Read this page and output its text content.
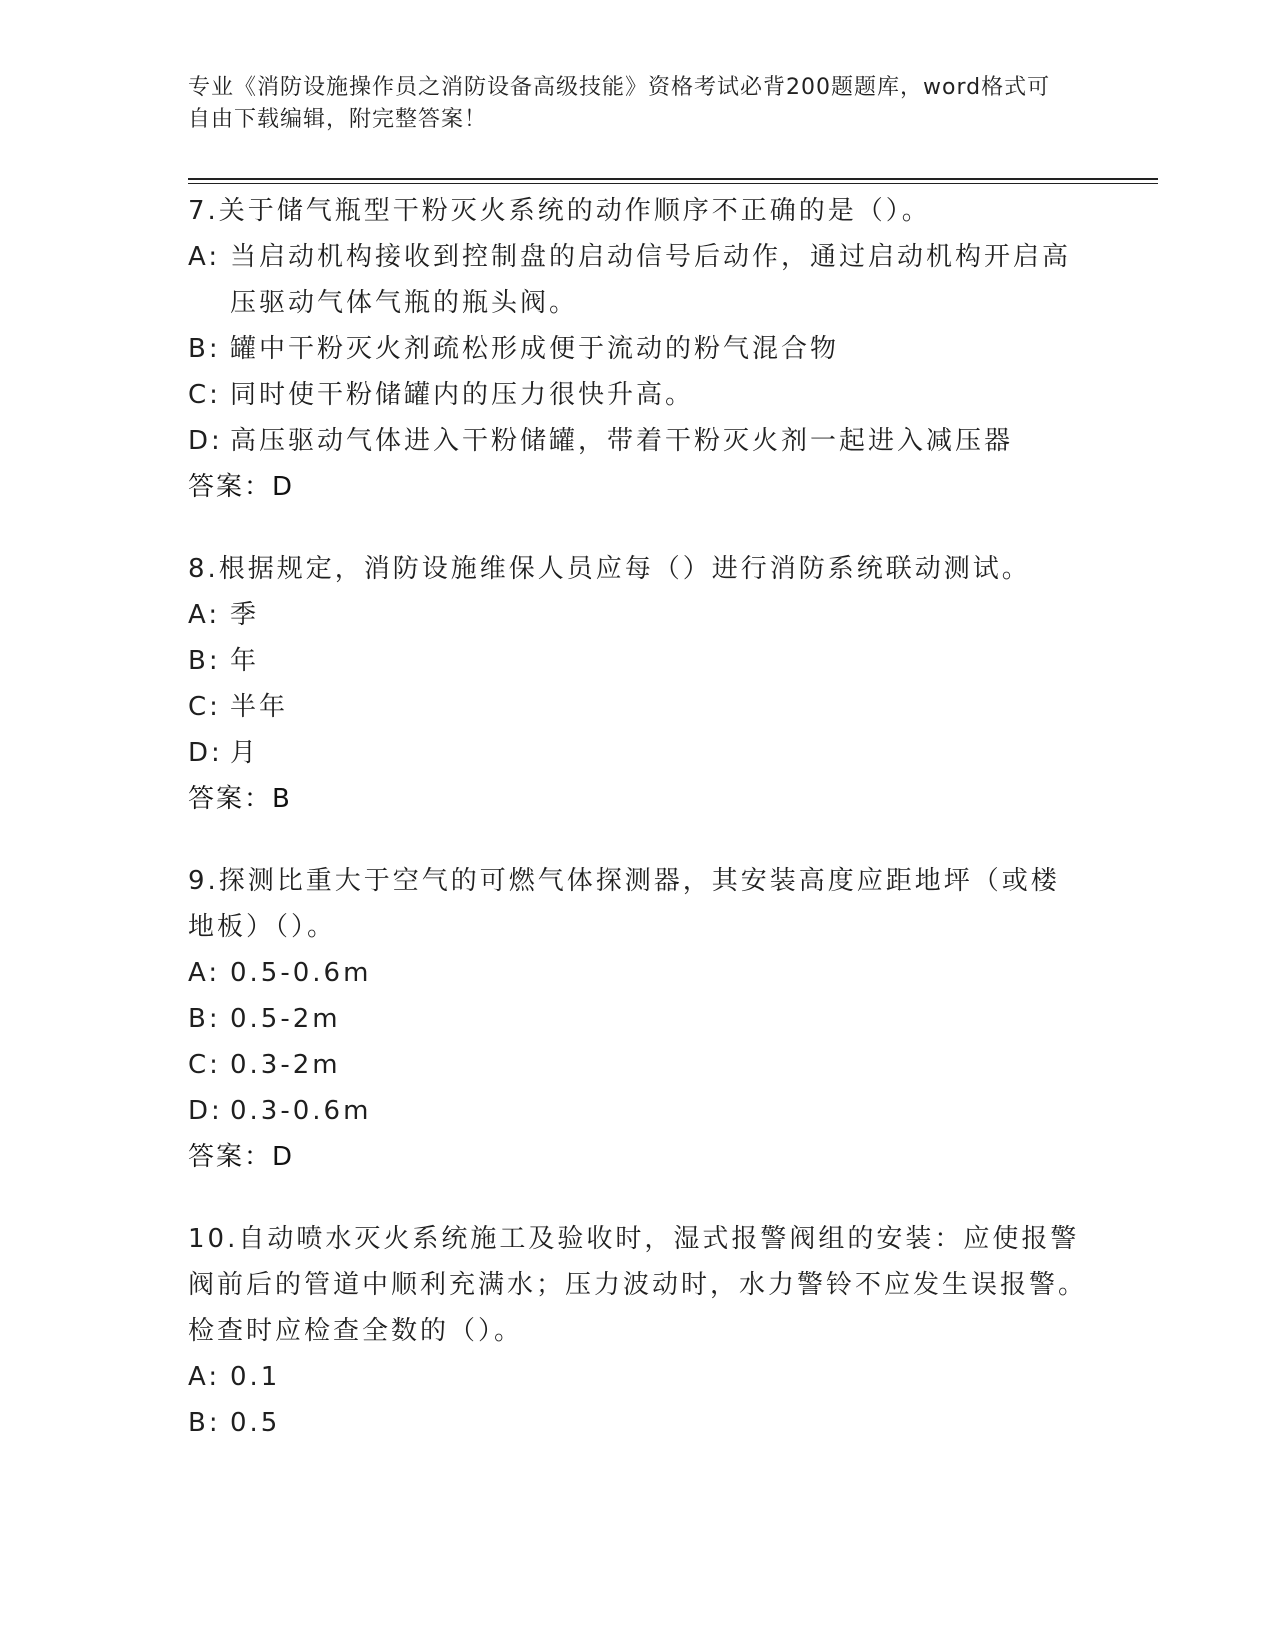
专业《消防设施操作员之消防设备高级技能》资格考试必背200题题库，word格式可自由下载编辑，附完整答案！
7.关于储气瓶型干粉灭火系统的动作顺序不正确的是（）。
A: 当启动机构接收到控制盘的启动信号后动作，通过启动机构开启高压驱动气体气瓶的瓶头阀。
B: 罐中干粉灭火剂疏松形成便于流动的粉气混合物
C: 同时使干粉储罐内的压力很快升高。
D: 高压驱动气体进入干粉储罐，带着干粉灭火剂一起进入减压器
答案：D
8.根据规定，消防设施维保人员应每（）进行消防系统联动测试。
A: 季
B: 年
C: 半年
D: 月
答案：B
9.探测比重大于空气的可燃气体探测器，其安装高度应距地坪（或楼地板）（）。
A: 0.5-0.6m
B: 0.5-2m
C: 0.3-2m
D: 0.3-0.6m
答案：D
10.自动喷水灭火系统施工及验收时，湿式报警阀组的安装：应使报警阀前后的管道中顺利充满水；压力波动时，水力警铃不应发生误报警。检查时应检查全数的（）。
A: 0.1
B: 0.5
